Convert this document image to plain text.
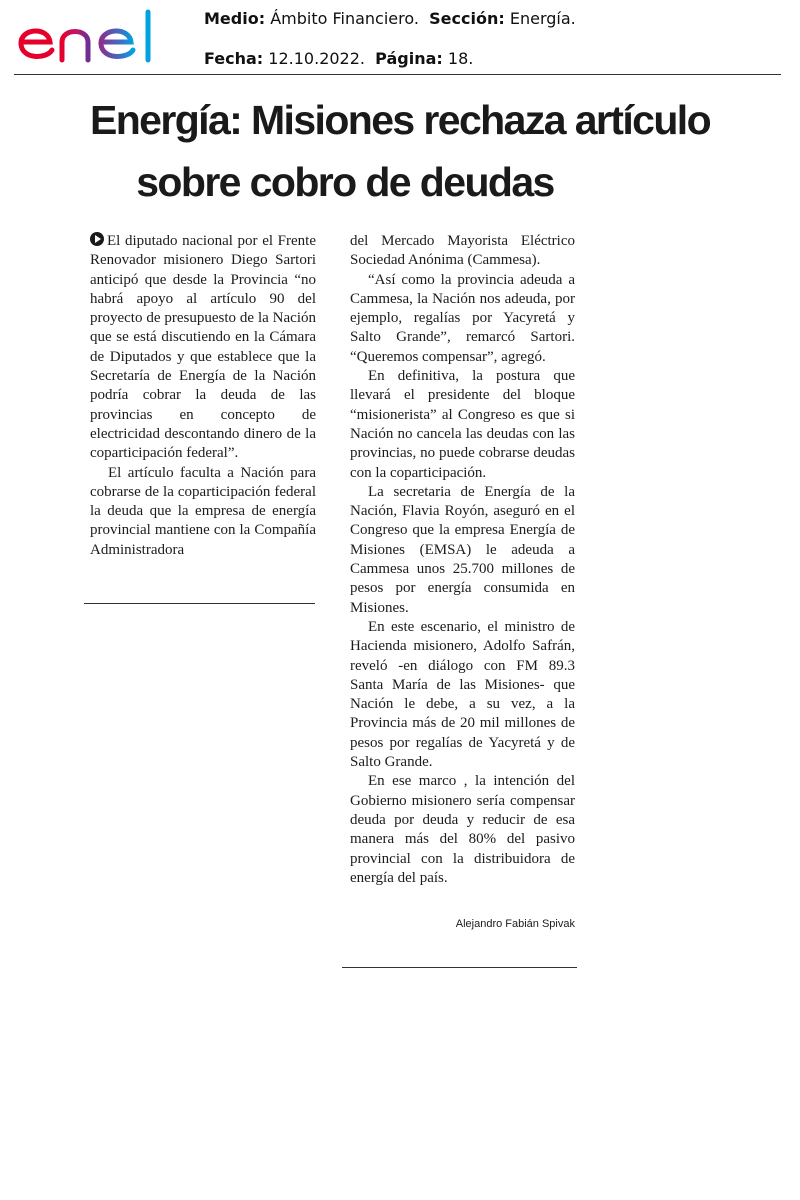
Medio: Ámbito Financiero. Sección: Energía.
Fecha: 12.10.2022. Página: 18.
Energía: Misiones rechaza artículo
sobre cobro de deudas

El diputado nacional por el Frente Renovador misionero Diego Sartori anticipó que desde la Provincia “no habrá apoyo al artículo 90 del proyecto de presupuesto de la Nación que se está discutiendo en la Cámara de Diputados y que establece que la Secretaría de Energía de la Nación podría cobrar la deuda de las provincias en concepto de electricidad descontando dinero de la coparticipación federal”.

El artículo faculta a Nación para cobrarse de la coparticipación federal la deuda que la empresa de energía provincial mantiene con la Compañía Administradora

del Mercado Mayorista Eléctrico Sociedad Anónima (Cammesa).

“Así como la provincia adeuda a Cammesa, la Nación nos adeuda, por ejemplo, regalías por Yacyretá y Salto Grande”, remarcó Sartori. “Queremos compensar”, agregó.

En definitiva, la postura que llevará el presidente del bloque “misionerista” al Congreso es que si Nación no cancela las deudas con las provincias, no puede cobrarse deudas con la coparticipación.

La secretaria de Energía de la Nación, Flavia Royón, aseguró en el Congreso que la empresa Energía de Misiones (EMSA) le adeuda a Cammesa unos 25.700 millones de pesos por energía consumida en Misiones.

En este escenario, el ministro de Hacienda misionero, Adolfo Safrán, reveló -en diálogo con FM 89.3 Santa María de las Misiones- que Nación le debe, a su vez, a la Provincia más de 20 mil millones de pesos por regalías de Yacyretá y de Salto Grande.

En ese marco , la intención del Gobierno misionero sería compensar deuda por deuda y reducir de esa manera más del 80% del pasivo provincial con la distribuidora de energía del país.

Alejandro Fabián Spivak
